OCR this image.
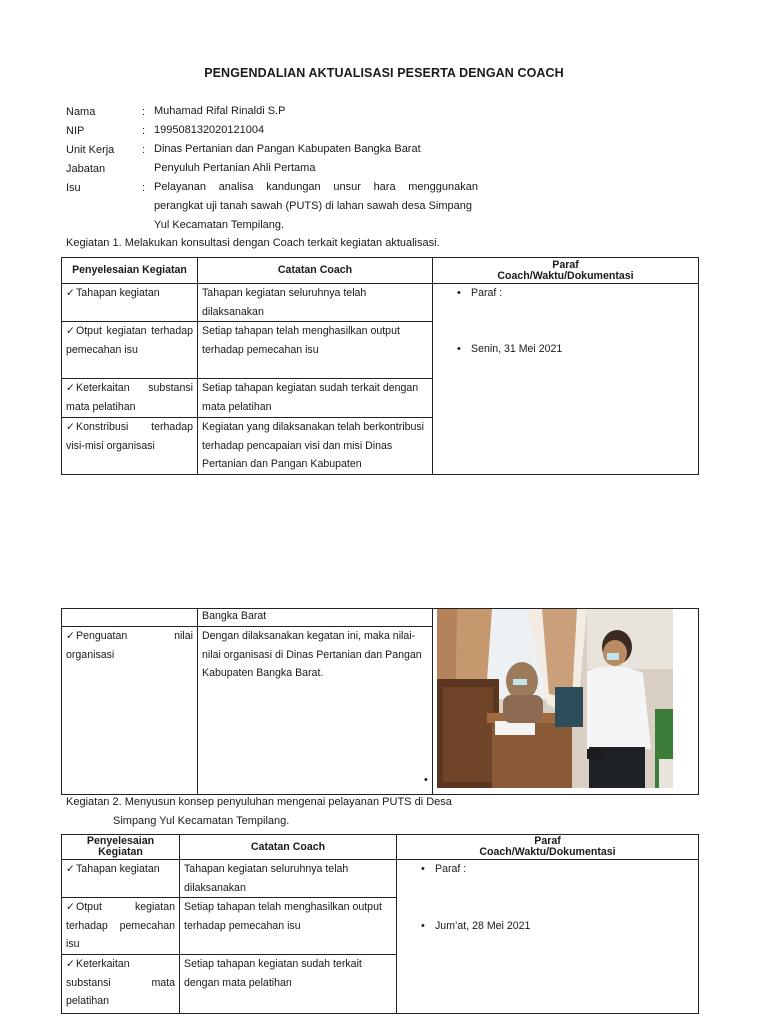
PENGENDALIAN AKTUALISASI PESERTA DENGAN COACH
Nama	: Muhamad Rifal Rinaldi S.P
NIP	: 199508132020121004
Unit Kerja	: Dinas Pertanian dan Pangan Kabupaten Bangka Barat
Jabatan	Penyuluh Pertanian Ahli Pertama
Isu	: Pelayanan analisa kandungan unsur hara menggunakan
perangkat uji tanah sawah (PUTS) di lahan sawah desa Simpang
Yul Kecamatan Tempilang.
Kegiatan 1. Melakukan konsultasi dengan Coach terkait kegiatan aktualisasi.
Penyelesaian Kegiatan	Catatan Coach	Paraf
Coach/Waktu/Dokumentasi

✓Tahapan kegiatan	Tahapan kegiatan seluruhnya telah dilaksanakan	• Paraf :
• Senin, 31 Mei 2021

✓Otput kegiatan terhadap pemecahan isu	Setiap tahapan telah menghasilkan output terhadap pemecahan isu	
✓Keterkaitan substansi mata pelatihan	Setiap tahapan kegiatan sudah terkait dengan mata pelatihan	
✓Konstribusi terhadap visi-misi organisasi	Kegiatan yang dilaksanakan telah berkontribusi terhadap pencapaian visi dan misi Dinas Pertanian dan Pangan Kabupaten	
	Bangka Barat	
✓Penguatan nilai organisasi	Dengan dilaksanakan kegatan ini, maka nilai-nilai organisasi di Dinas Pertanian dan Pangan Kabupaten Bangka Barat.	
•
Kegiatan 2. Menyusun konsep penyuluhan mengenai pelayanan PUTS di Desa
Simpang Yul Kecamatan Tempilang.
Penyelesaian Kegiatan	Catatan Coach	Paraf
Coach/Waktu/Dokumentasi

✓Tahapan kegiatan	Tahapan kegiatan seluruhnya telah dilaksanakan	• Paraf :
• Jum’at, 28 Mei 2021

✓Otput kegiatan terhadap pemecahan isu	Setiap tahapan telah menghasilkan output terhadap pemecahan isu	
✓Keterkaitan substansi mata pelatihan	Setiap tahapan kegiatan sudah terkait dengan mata pelatihan	
